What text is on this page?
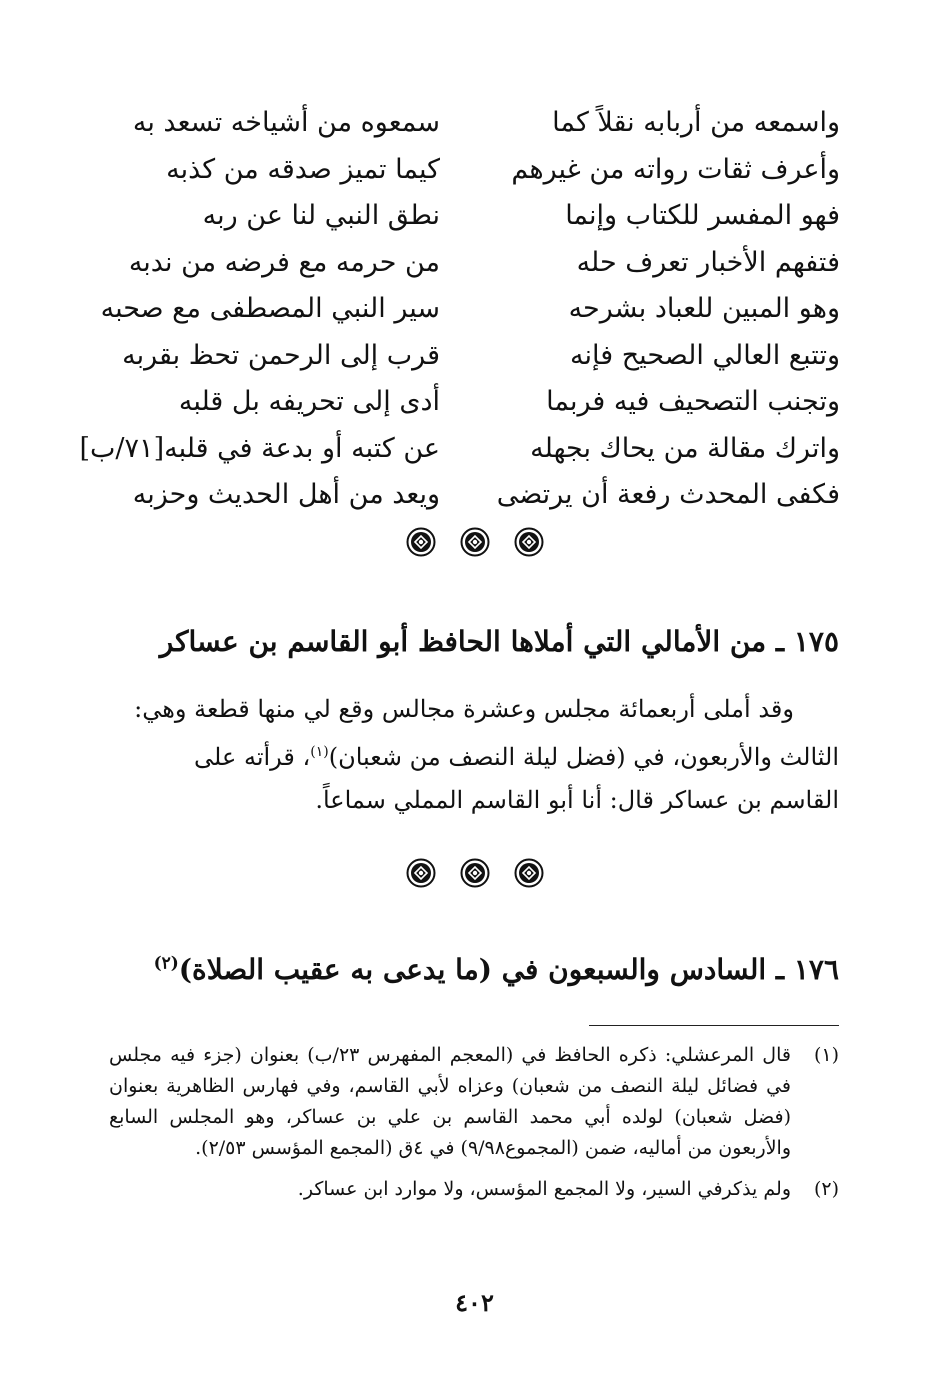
واسمعه من أربابه نقلاً كما
سمعوه من أشياخه تسعد به
وأعرف ثقات رواته من غيرهم
كيما تميز صدقه من كذبه
فهو المفسر للكتاب وإنما
نطق النبي لنا عن ربه
فتفهم الأخبار تعرف حله
من حرمه مع فرضه من ندبه
وهو المبين للعباد بشرحه
سير النبي المصطفى مع صحبه
وتتبع العالي الصحيح فإنه
قرب إلى الرحمن تحظ بقربه
وتجنب التصحيف فيه فربما
أدى إلى تحريفه بل قلبه
واترك مقالة من يحاك بجهله
عن كتبه أو بدعة في قلبه[٧١/ب]
فكفى المحدث رفعة أن يرتضى
ويعد من أهل الحديث وحزبه
١٧٥ ـ من الأمالي التي أملاها الحافظ أبو القاسم بن عساكر

وقد أملى أربعمائة مجلس وعشرة مجالس وقع لي منها قطعة وهي:

الثالث والأربعون، في (فضل ليلة النصف من شعبان)$^{(١)}$، قرأته على

القاسم بن عساكر قال: أنا أبو القاسم المملي سماعاً.

١٧٦ ـ السادس والسبعون في (ما يدعى به عقيب الصلاة)$^{(٢)}$
(١)
قال المرعشلي: ذكره الحافظ في (المعجم المفهرس ٢٣/ب) بعنوان (جزء فيه مجلس في فضائل ليلة النصف من شعبان) وعزاه لأبي القاسم، وفي فهارس الظاهرية بعنوان (فضل شعبان) لولده أبي محمد القاسم بن علي بن عساكر، وهو المجلس السابع والأربعون من أماليه، ضمن (المجموع٩/٩٨) في ٤ق (المجمع المؤسس ٢/٥٣).
(٢)
ولم يذكرفي السير، ولا المجمع المؤسس، ولا موارد ابن عساكر.
٤٠٢
